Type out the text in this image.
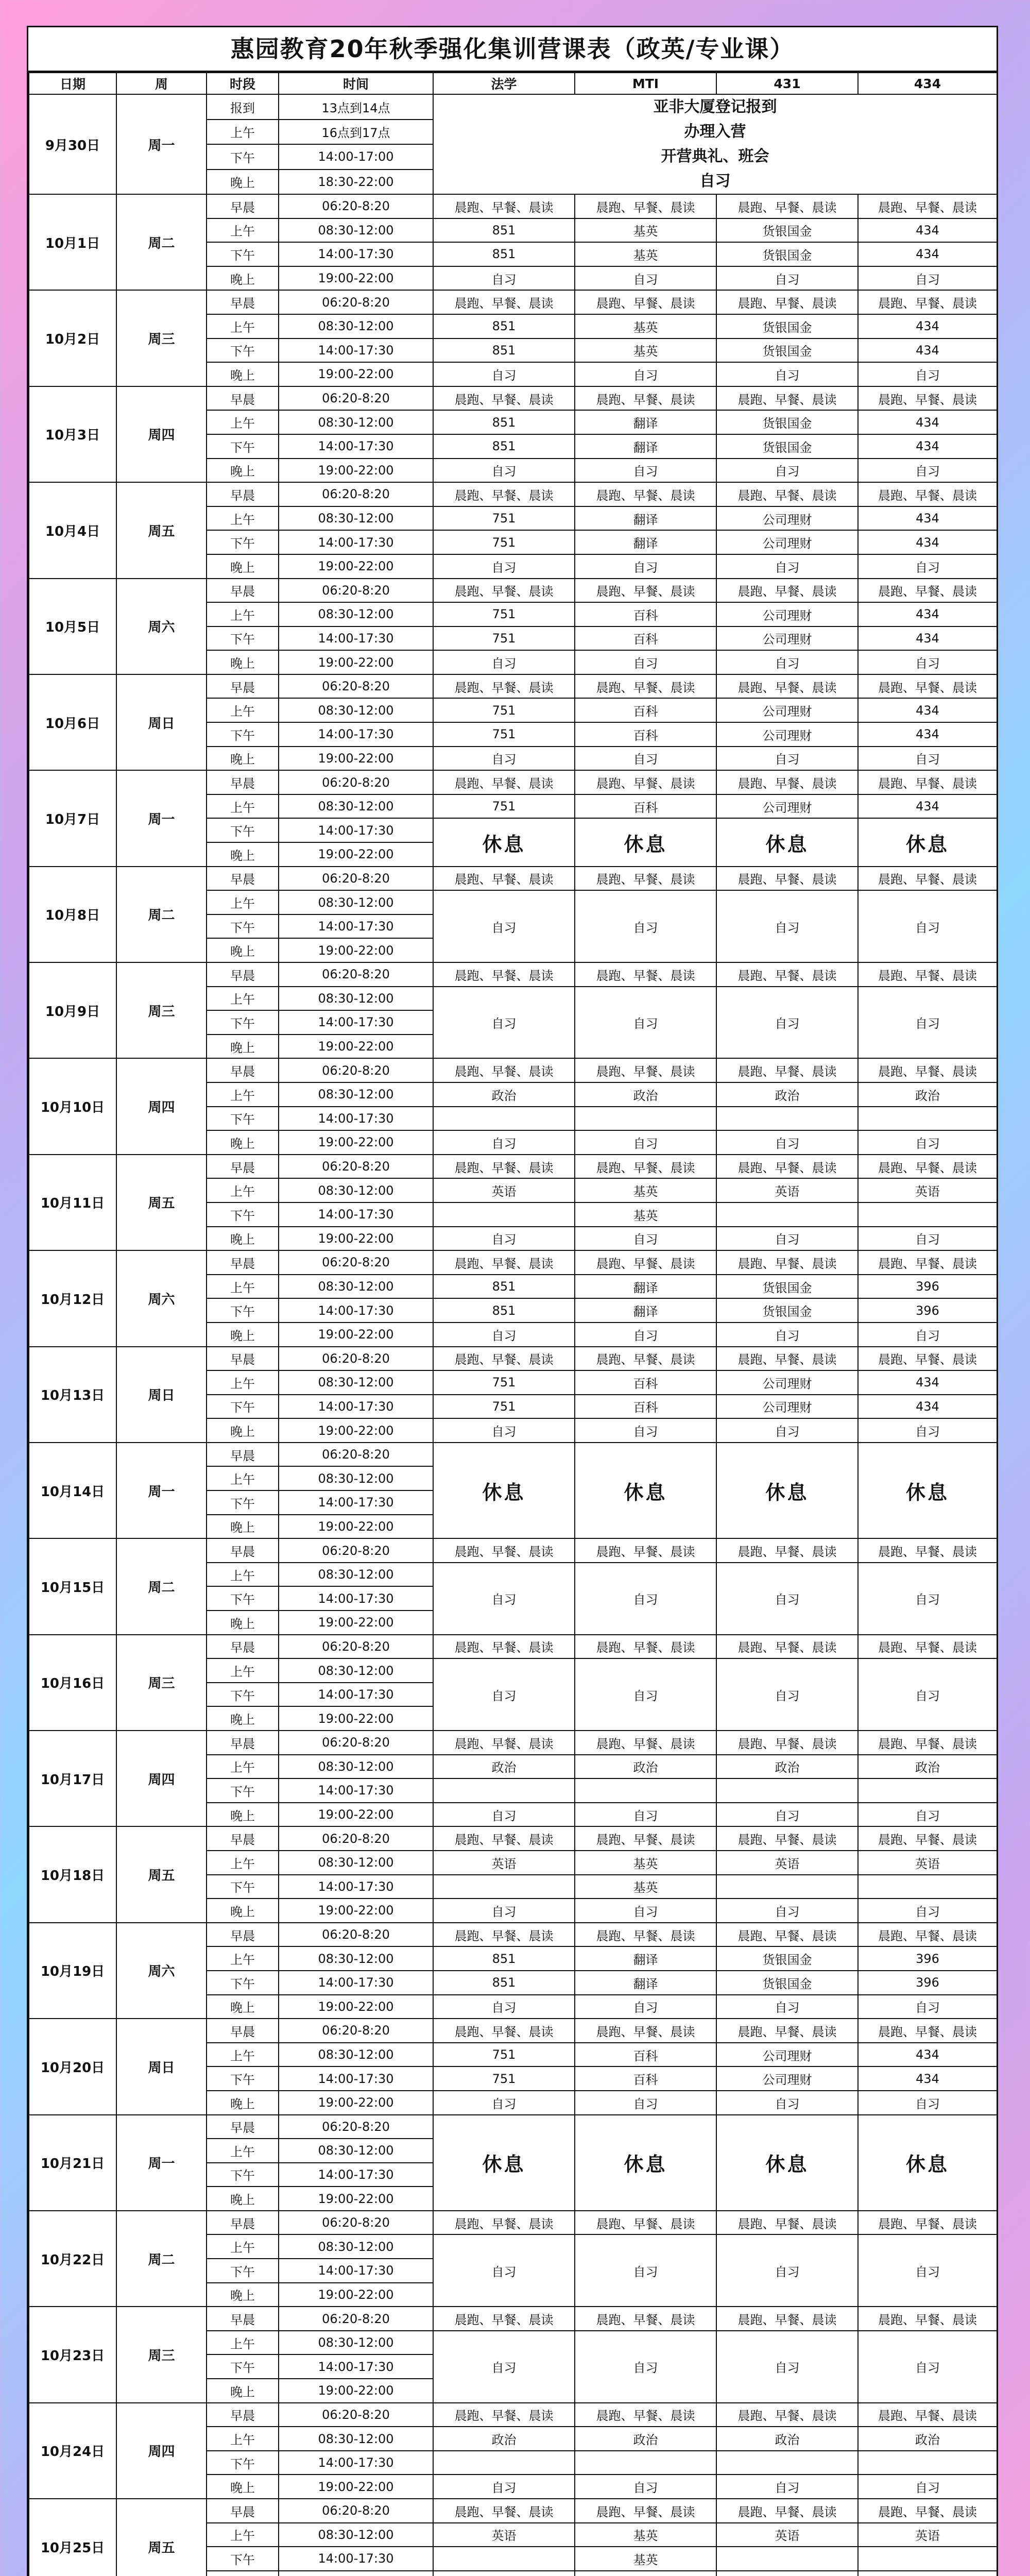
惠园教育20年秋季强化集训营课表（政英/专业课）
日期	周	时段	时间	法学	MTI	431	434
9月30日	周一	报到	13点到14点	亚非大厦登记报到
办理入营
开营典礼、班会
自习			

		上午	16点到17点				
		下午	14:00-17:00				
		晚上	18:30-22:00				
10月1日	周二	早晨	06:20-8:20	晨跑、早餐、晨读	晨跑、早餐、晨读	晨跑、早餐、晨读	晨跑、早餐、晨读
		上午	08:30-12:00	851	基英	货银国金	434
		下午	14:00-17:30	851	基英	货银国金	434
		晚上	19:00-22:00	自习	自习	自习	自习
10月2日	周三	早晨	06:20-8:20	晨跑、早餐、晨读	晨跑、早餐、晨读	晨跑、早餐、晨读	晨跑、早餐、晨读
		上午	08:30-12:00	851	基英	货银国金	434
		下午	14:00-17:30	851	基英	货银国金	434
		晚上	19:00-22:00	自习	自习	自习	自习
10月3日	周四	早晨	06:20-8:20	晨跑、早餐、晨读	晨跑、早餐、晨读	晨跑、早餐、晨读	晨跑、早餐、晨读
		上午	08:30-12:00	851	翻译	货银国金	434
		下午	14:00-17:30	851	翻译	货银国金	434
		晚上	19:00-22:00	自习	自习	自习	自习
10月4日	周五	早晨	06:20-8:20	晨跑、早餐、晨读	晨跑、早餐、晨读	晨跑、早餐、晨读	晨跑、早餐、晨读
		上午	08:30-12:00	751	翻译	公司理财	434
		下午	14:00-17:30	751	翻译	公司理财	434
		晚上	19:00-22:00	自习	自习	自习	自习
10月5日	周六	早晨	06:20-8:20	晨跑、早餐、晨读	晨跑、早餐、晨读	晨跑、早餐、晨读	晨跑、早餐、晨读
		上午	08:30-12:00	751	百科	公司理财	434
		下午	14:00-17:30	751	百科	公司理财	434
		晚上	19:00-22:00	自习	自习	自习	自习
10月6日	周日	早晨	06:20-8:20	晨跑、早餐、晨读	晨跑、早餐、晨读	晨跑、早餐、晨读	晨跑、早餐、晨读
		上午	08:30-12:00	751	百科	公司理财	434
		下午	14:00-17:30	751	百科	公司理财	434
		晚上	19:00-22:00	自习	自习	自习	自习
10月7日	周一	早晨	06:20-8:20	晨跑、早餐、晨读	晨跑、早餐、晨读	晨跑、早餐、晨读	晨跑、早餐、晨读
		上午	08:30-12:00	751	百科	公司理财	434
		下午	14:00-17:30	休息	休息	休息	休息
		晚上	19:00-22:00				
10月8日	周二	早晨	06:20-8:20	晨跑、早餐、晨读	晨跑、早餐、晨读	晨跑、早餐、晨读	晨跑、早餐、晨读
		上午	08:30-12:00	自习	自习	自习	自习
		下午	14:00-17:30				
		晚上	19:00-22:00				
10月9日	周三	早晨	06:20-8:20	晨跑、早餐、晨读	晨跑、早餐、晨读	晨跑、早餐、晨读	晨跑、早餐、晨读
		上午	08:30-12:00	自习	自习	自习	自习
		下午	14:00-17:30				
		晚上	19:00-22:00				
10月10日	周四	早晨	06:20-8:20	晨跑、早餐、晨读	晨跑、早餐、晨读	晨跑、早餐、晨读	晨跑、早餐、晨读
		上午	08:30-12:00	政治	政治	政治	政治
		下午	14:00-17:30				
		晚上	19:00-22:00	自习	自习	自习	自习
10月11日	周五	早晨	06:20-8:20	晨跑、早餐、晨读	晨跑、早餐、晨读	晨跑、早餐、晨读	晨跑、早餐、晨读
		上午	08:30-12:00	英语	基英	英语	英语
		下午	14:00-17:30		基英		
		晚上	19:00-22:00	自习	自习	自习	自习
10月12日	周六	早晨	06:20-8:20	晨跑、早餐、晨读	晨跑、早餐、晨读	晨跑、早餐、晨读	晨跑、早餐、晨读
		上午	08:30-12:00	851	翻译	货银国金	396
		下午	14:00-17:30	851	翻译	货银国金	396
		晚上	19:00-22:00	自习	自习	自习	自习
10月13日	周日	早晨	06:20-8:20	晨跑、早餐、晨读	晨跑、早餐、晨读	晨跑、早餐、晨读	晨跑、早餐、晨读
		上午	08:30-12:00	751	百科	公司理财	434
		下午	14:00-17:30	751	百科	公司理财	434
		晚上	19:00-22:00	自习	自习	自习	自习
10月14日	周一	早晨	06:20-8:20	休息	休息	休息	休息
		上午	08:30-12:00				
		下午	14:00-17:30				
		晚上	19:00-22:00				
10月15日	周二	早晨	06:20-8:20	晨跑、早餐、晨读	晨跑、早餐、晨读	晨跑、早餐、晨读	晨跑、早餐、晨读
		上午	08:30-12:00	自习	自习	自习	自习
		下午	14:00-17:30				
		晚上	19:00-22:00				
10月16日	周三	早晨	06:20-8:20	晨跑、早餐、晨读	晨跑、早餐、晨读	晨跑、早餐、晨读	晨跑、早餐、晨读
		上午	08:30-12:00	自习	自习	自习	自习
		下午	14:00-17:30				
		晚上	19:00-22:00				
10月17日	周四	早晨	06:20-8:20	晨跑、早餐、晨读	晨跑、早餐、晨读	晨跑、早餐、晨读	晨跑、早餐、晨读
		上午	08:30-12:00	政治	政治	政治	政治
		下午	14:00-17:30				
		晚上	19:00-22:00	自习	自习	自习	自习
10月18日	周五	早晨	06:20-8:20	晨跑、早餐、晨读	晨跑、早餐、晨读	晨跑、早餐、晨读	晨跑、早餐、晨读
		上午	08:30-12:00	英语	基英	英语	英语
		下午	14:00-17:30		基英		
		晚上	19:00-22:00	自习	自习	自习	自习
10月19日	周六	早晨	06:20-8:20	晨跑、早餐、晨读	晨跑、早餐、晨读	晨跑、早餐、晨读	晨跑、早餐、晨读
		上午	08:30-12:00	851	翻译	货银国金	396
		下午	14:00-17:30	851	翻译	货银国金	396
		晚上	19:00-22:00	自习	自习	自习	自习
10月20日	周日	早晨	06:20-8:20	晨跑、早餐、晨读	晨跑、早餐、晨读	晨跑、早餐、晨读	晨跑、早餐、晨读
		上午	08:30-12:00	751	百科	公司理财	434
		下午	14:00-17:30	751	百科	公司理财	434
		晚上	19:00-22:00	自习	自习	自习	自习
10月21日	周一	早晨	06:20-8:20	休息	休息	休息	休息
		上午	08:30-12:00				
		下午	14:00-17:30				
		晚上	19:00-22:00				
10月22日	周二	早晨	06:20-8:20	晨跑、早餐、晨读	晨跑、早餐、晨读	晨跑、早餐、晨读	晨跑、早餐、晨读
		上午	08:30-12:00	自习	自习	自习	自习
		下午	14:00-17:30				
		晚上	19:00-22:00				
10月23日	周三	早晨	06:20-8:20	晨跑、早餐、晨读	晨跑、早餐、晨读	晨跑、早餐、晨读	晨跑、早餐、晨读
		上午	08:30-12:00	自习	自习	自习	自习
		下午	14:00-17:30				
		晚上	19:00-22:00				
10月24日	周四	早晨	06:20-8:20	晨跑、早餐、晨读	晨跑、早餐、晨读	晨跑、早餐、晨读	晨跑、早餐、晨读
		上午	08:30-12:00	政治	政治	政治	政治
		下午	14:00-17:30				
		晚上	19:00-22:00	自习	自习	自习	自习
10月25日	周五	早晨	06:20-8:20	晨跑、早餐、晨读	晨跑、早餐、晨读	晨跑、早餐、晨读	晨跑、早餐、晨读
		上午	08:30-12:00	英语	基英	英语	英语
		下午	14:00-17:30		基英		
